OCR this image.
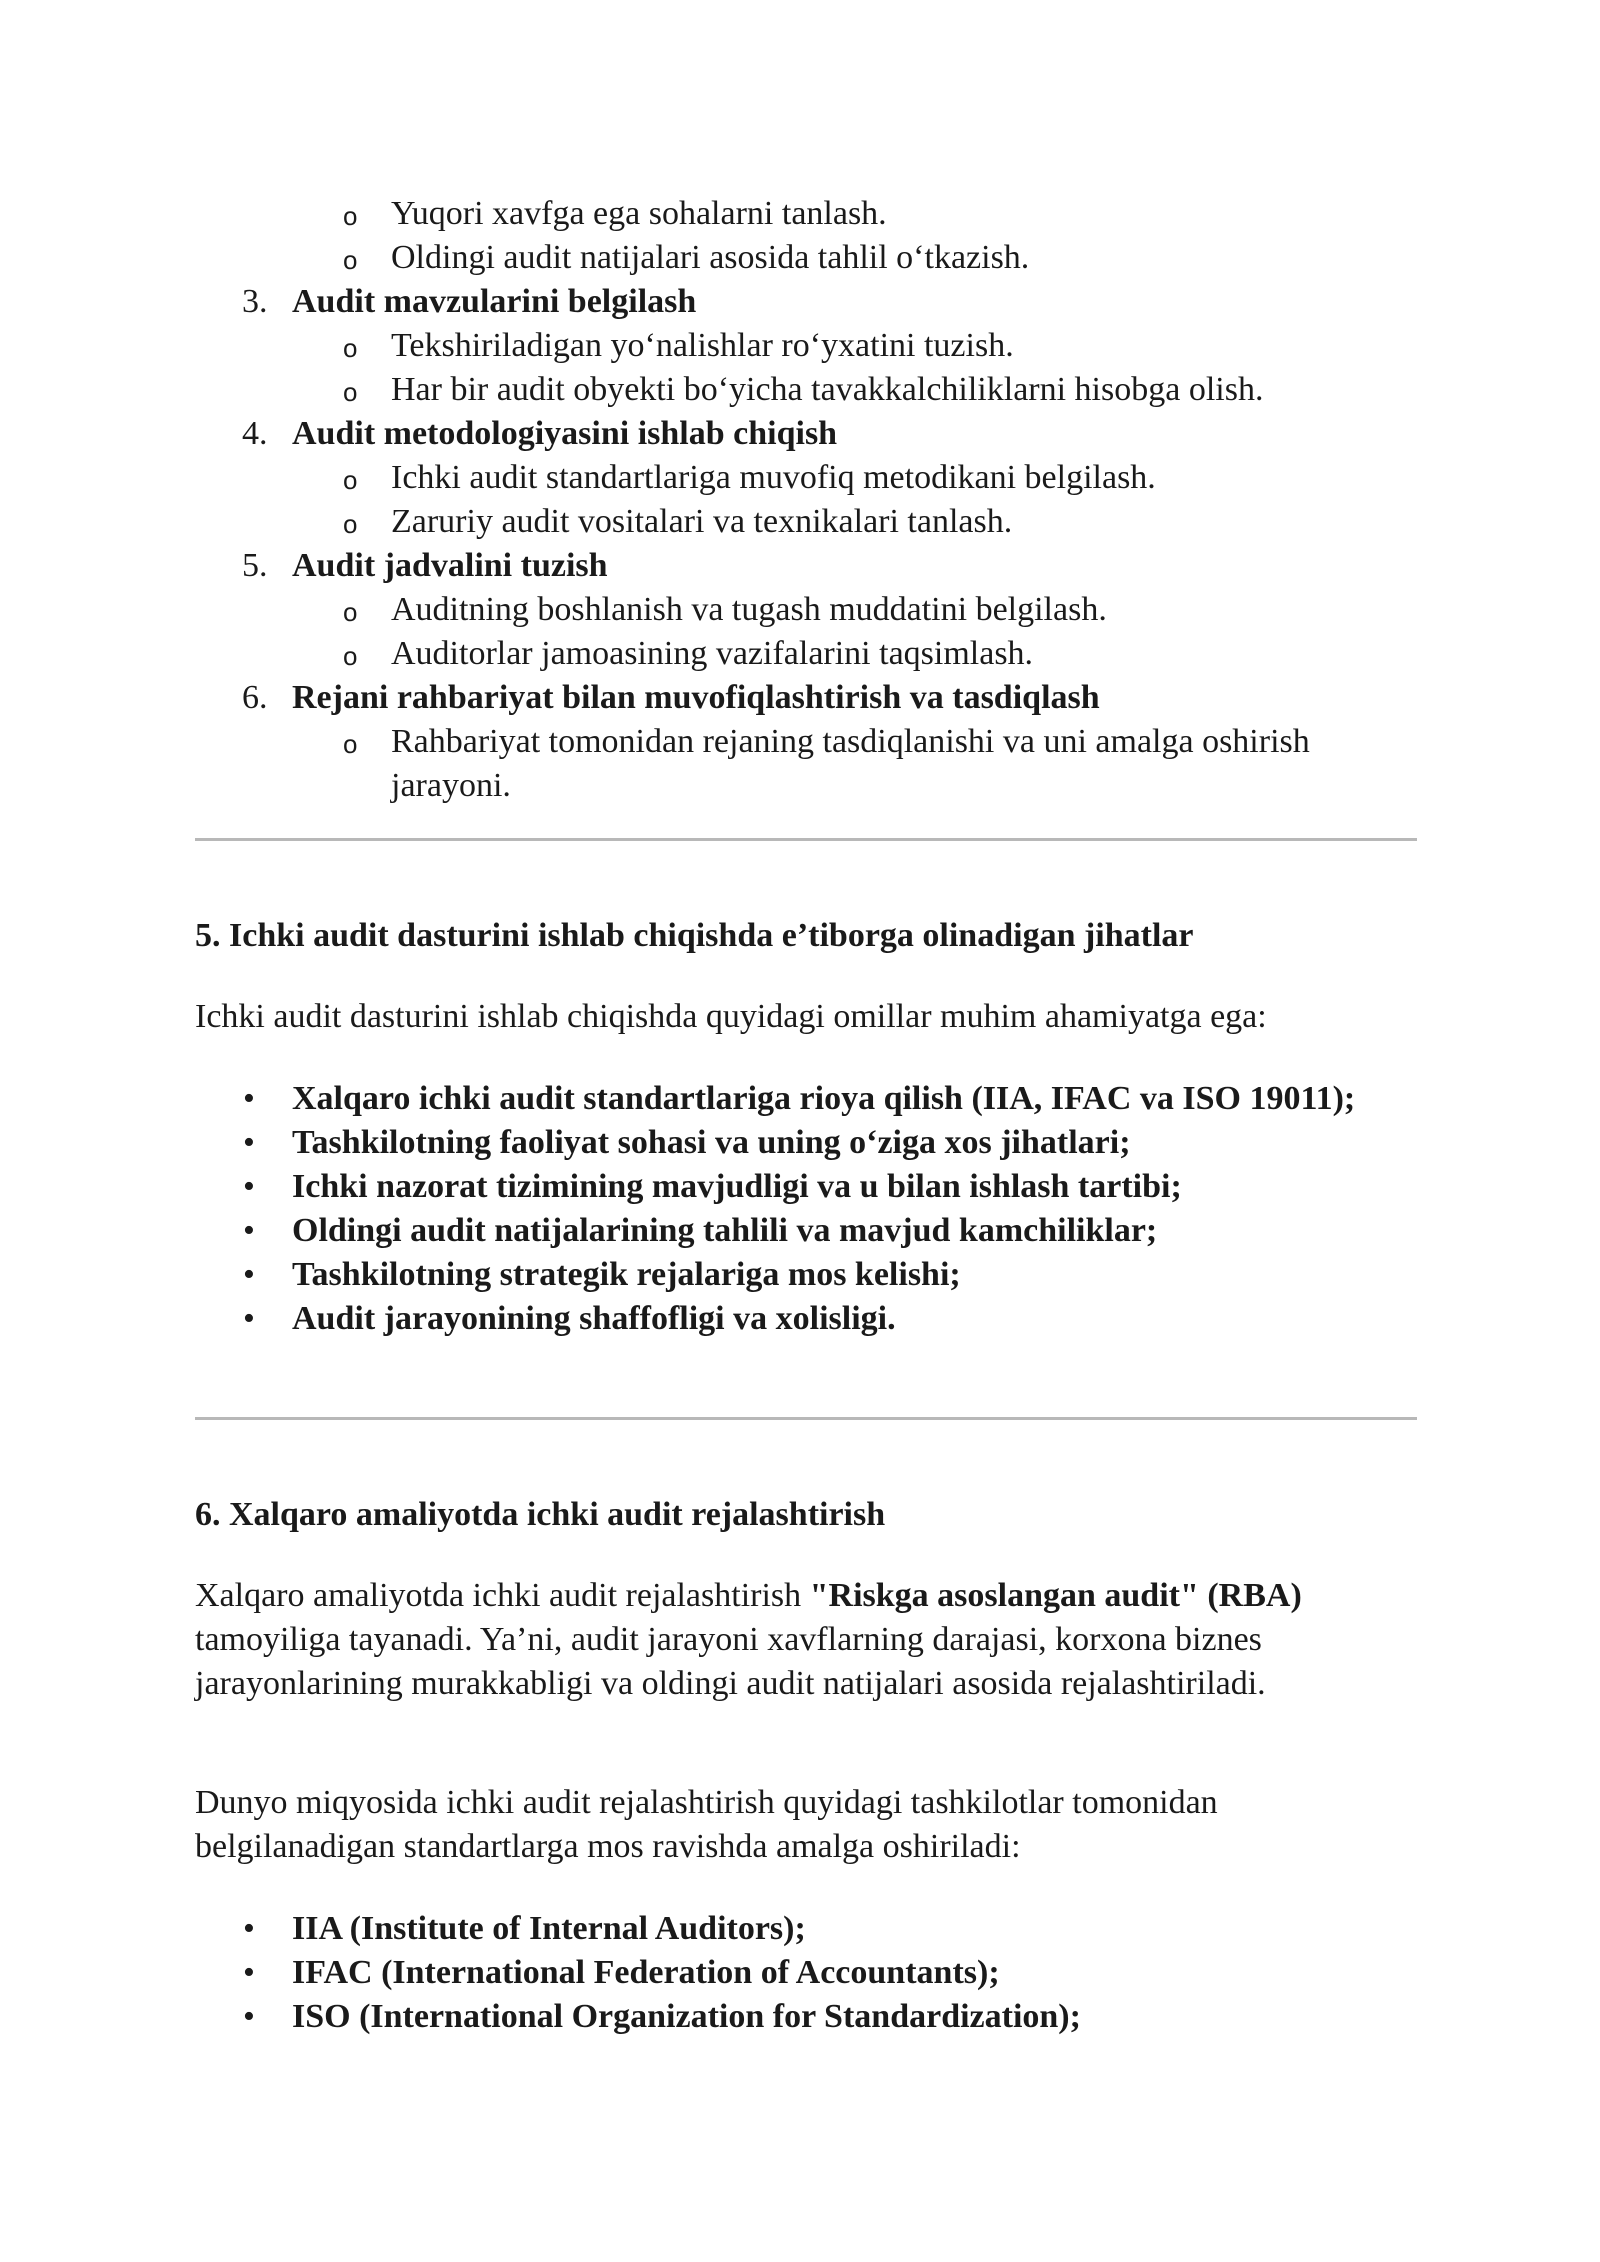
o Yuqori xavfga ega sohalarni tanlash.
o Oldingi audit natijalari asosida tahlil o‘tkazish.
3. Audit mavzularini belgilash
o Tekshiriladigan yo‘nalishlar ro‘yxatini tuzish.
o Har bir audit obyekti bo‘yicha tavakkalchiliklarni hisobga olish.
4. Audit metodologiyasini ishlab chiqish
o Ichki audit standartlariga muvofiq metodikani belgilash.
o Zaruriy audit vositalari va texnikalari tanlash.
5. Audit jadvalini tuzish
o Auditning boshlanish va tugash muddatini belgilash.
o Auditorlar jamoasining vazifalarini taqsimlash.
6. Rejani rahbariyat bilan muvofiqlashtirish va tasdiqlash
o Rahbariyat tomonidan rejaning tasdiqlanishi va uni amalga oshirish jarayoni.
5. Ichki audit dasturini ishlab chiqishda e’tiborga olinadigan jihatlar
Ichki audit dasturini ishlab chiqishda quyidagi omillar muhim ahamiyatga ega:
• Xalqaro ichki audit standartlariga rioya qilish (IIA, IFAC va ISO 19011);
• Tashkilotning faoliyat sohasi va uning o‘ziga xos jihatlari;
• Ichki nazorat tizimining mavjudligi va u bilan ishlash tartibi;
• Oldingi audit natijalarining tahlili va mavjud kamchiliklar;
• Tashkilotning strategik rejalariga mos kelishi;
• Audit jarayonining shaffofligi va xolisligi.
6. Xalqaro amaliyotda ichki audit rejalashtirish
Xalqaro amaliyotda ichki audit rejalashtirish "Riskga asoslangan audit" (RBA) tamoyiliga tayanadi. Ya’ni, audit jarayoni xavflarning darajasi, korxona biznes jarayonlarining murakkabligi va oldingi audit natijalari asosida rejalashtiriladi.
Dunyo miqyosida ichki audit rejalashtirish quyidagi tashkilotlar tomonidan belgilanadigan standartlarga mos ravishda amalga oshiriladi:
• IIA (Institute of Internal Auditors);
• IFAC (International Federation of Accountants);
• ISO (International Organization for Standardization);
